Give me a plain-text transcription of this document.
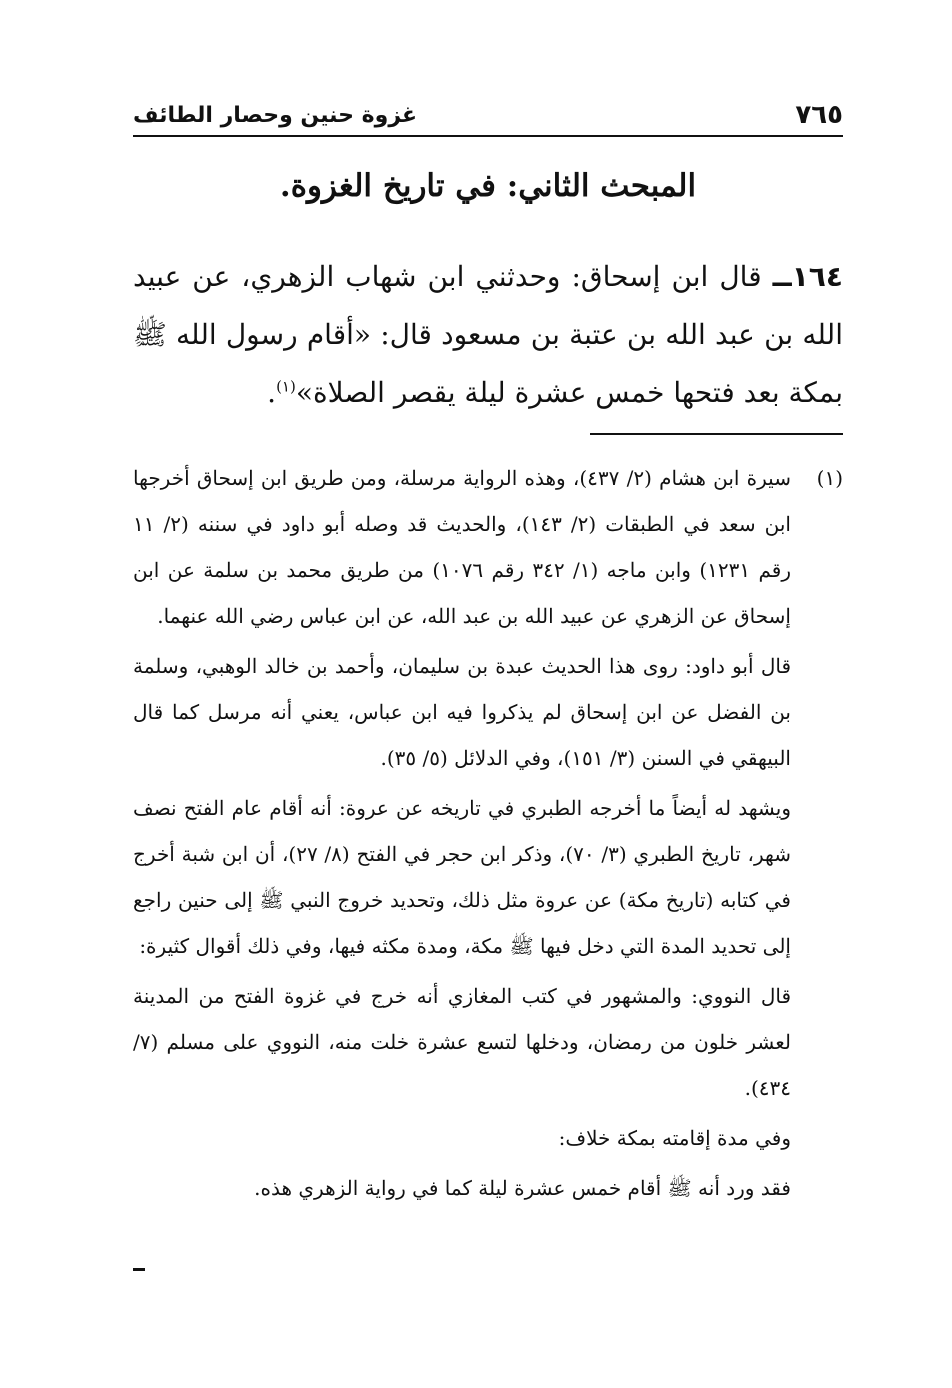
٧٦٥
غزوة حنين وحصار الطائف
المبحث الثاني: في تاريخ الغزوة.
١٦٤ــ قال ابن إسحاق: وحدثني ابن شهاب الزهري، عن عبيد الله بن عبد الله بن عتبة بن مسعود قال: «أقام رسول الله ﷺ بمكة بعد فتحها خمس عشرة ليلة يقصر الصلاة»$^{(١)}$.
(١)

سيرة ابن هشام (٢/ ٤٣٧)، وهذه الرواية مرسلة، ومن طريق ابن إسحاق أخرجها ابن سعد في الطبقات (٢/ ١٤٣)، والحديث قد وصله أبو داود في سننه (٢/ ١١ رقم ١٢٣١) وابن ماجه (١/ ٣٤٢ رقم ١٠٧٦) من طريق محمد بن سلمة عن ابن إسحاق عن الزهري عن عبيد الله بن عبد الله، عن ابن عباس رضي الله عنهما.

قال أبو داود: روى هذا الحديث عبدة بن سليمان، وأحمد بن خالد الوهبي، وسلمة بن الفضل عن ابن إسحاق لم يذكروا فيه ابن عباس، يعني أنه مرسل كما قال البيهقي في السنن (٣/ ١٥١)، وفي الدلائل (٥/ ٣٥).

ويشهد له أيضاً ما أخرجه الطبري في تاريخه عن عروة: أنه أقام عام الفتح نصف شهر، تاريخ الطبري (٣/ ٧٠)، وذكر ابن حجر في الفتح (٨/ ٢٧)، أن ابن شبة أخرج في كتابه (تاريخ مكة) عن عروة مثل ذلك، وتحديد خروج النبي ﷺ إلى حنين راجع إلى تحديد المدة التي دخل فيها ﷺ مكة، ومدة مكثه فيها، وفي ذلك أقوال كثيرة:

قال النووي: والمشهور في كتب المغازي أنه خرج في غزوة الفتح من المدينة لعشر خلون من رمضان، ودخلها لتسع عشرة خلت منه، النووي على مسلم (٧/ ٤٣٤).

وفي مدة إقامته بمكة خلاف:

فقد ورد أنه ﷺ أقام خمس عشرة ليلة كما في رواية الزهري هذه.
